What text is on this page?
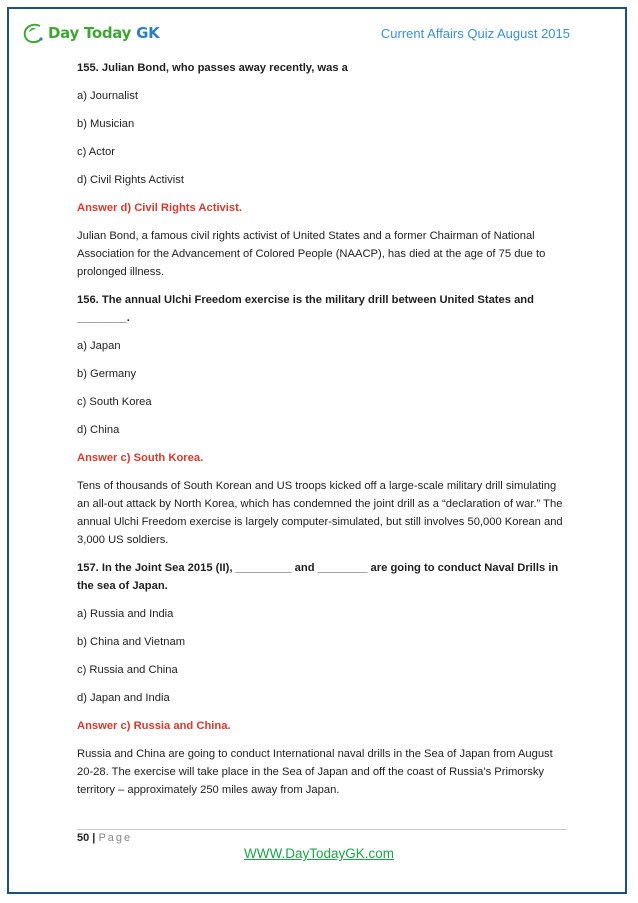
Day Today GK	Current Affairs Quiz August 2015

155. Julian Bond, who passes away recently, was a

a) Journalist

b) Musician

c) Actor

d) Civil Rights Activist

Answer d) Civil Rights Activist.

Julian Bond, a famous civil rights activist of United States and a former Chairman of National Association for the Advancement of Colored People (NAACP), has died at the age of 75 due to prolonged illness.

156. The annual Ulchi Freedom exercise is the military drill between United States and ________.

a) Japan

b) Germany

c) South Korea

d) China

Answer c) South Korea.

Tens of thousands of South Korean and US troops kicked off a large-scale military drill simulating an all-out attack by North Korea, which has condemned the joint drill as a “declaration of war.” The annual Ulchi Freedom exercise is largely computer-simulated, but still involves 50,000 Korean and 3,000 US soldiers.

157. In the Joint Sea 2015 (II), _________ and ________ are going to conduct Naval Drills in the sea of Japan.

a) Russia and India

b) China and Vietnam

c) Russia and China

d) Japan and India

Answer c) Russia and China.

Russia and China are going to conduct International naval drills in the Sea of Japan from August 20-28. The exercise will take place in the Sea of Japan and off the coast of Russia’s Primorsky territory – approximately 250 miles away from Japan.

50 | Page
WWW.DayTodayGK.com
